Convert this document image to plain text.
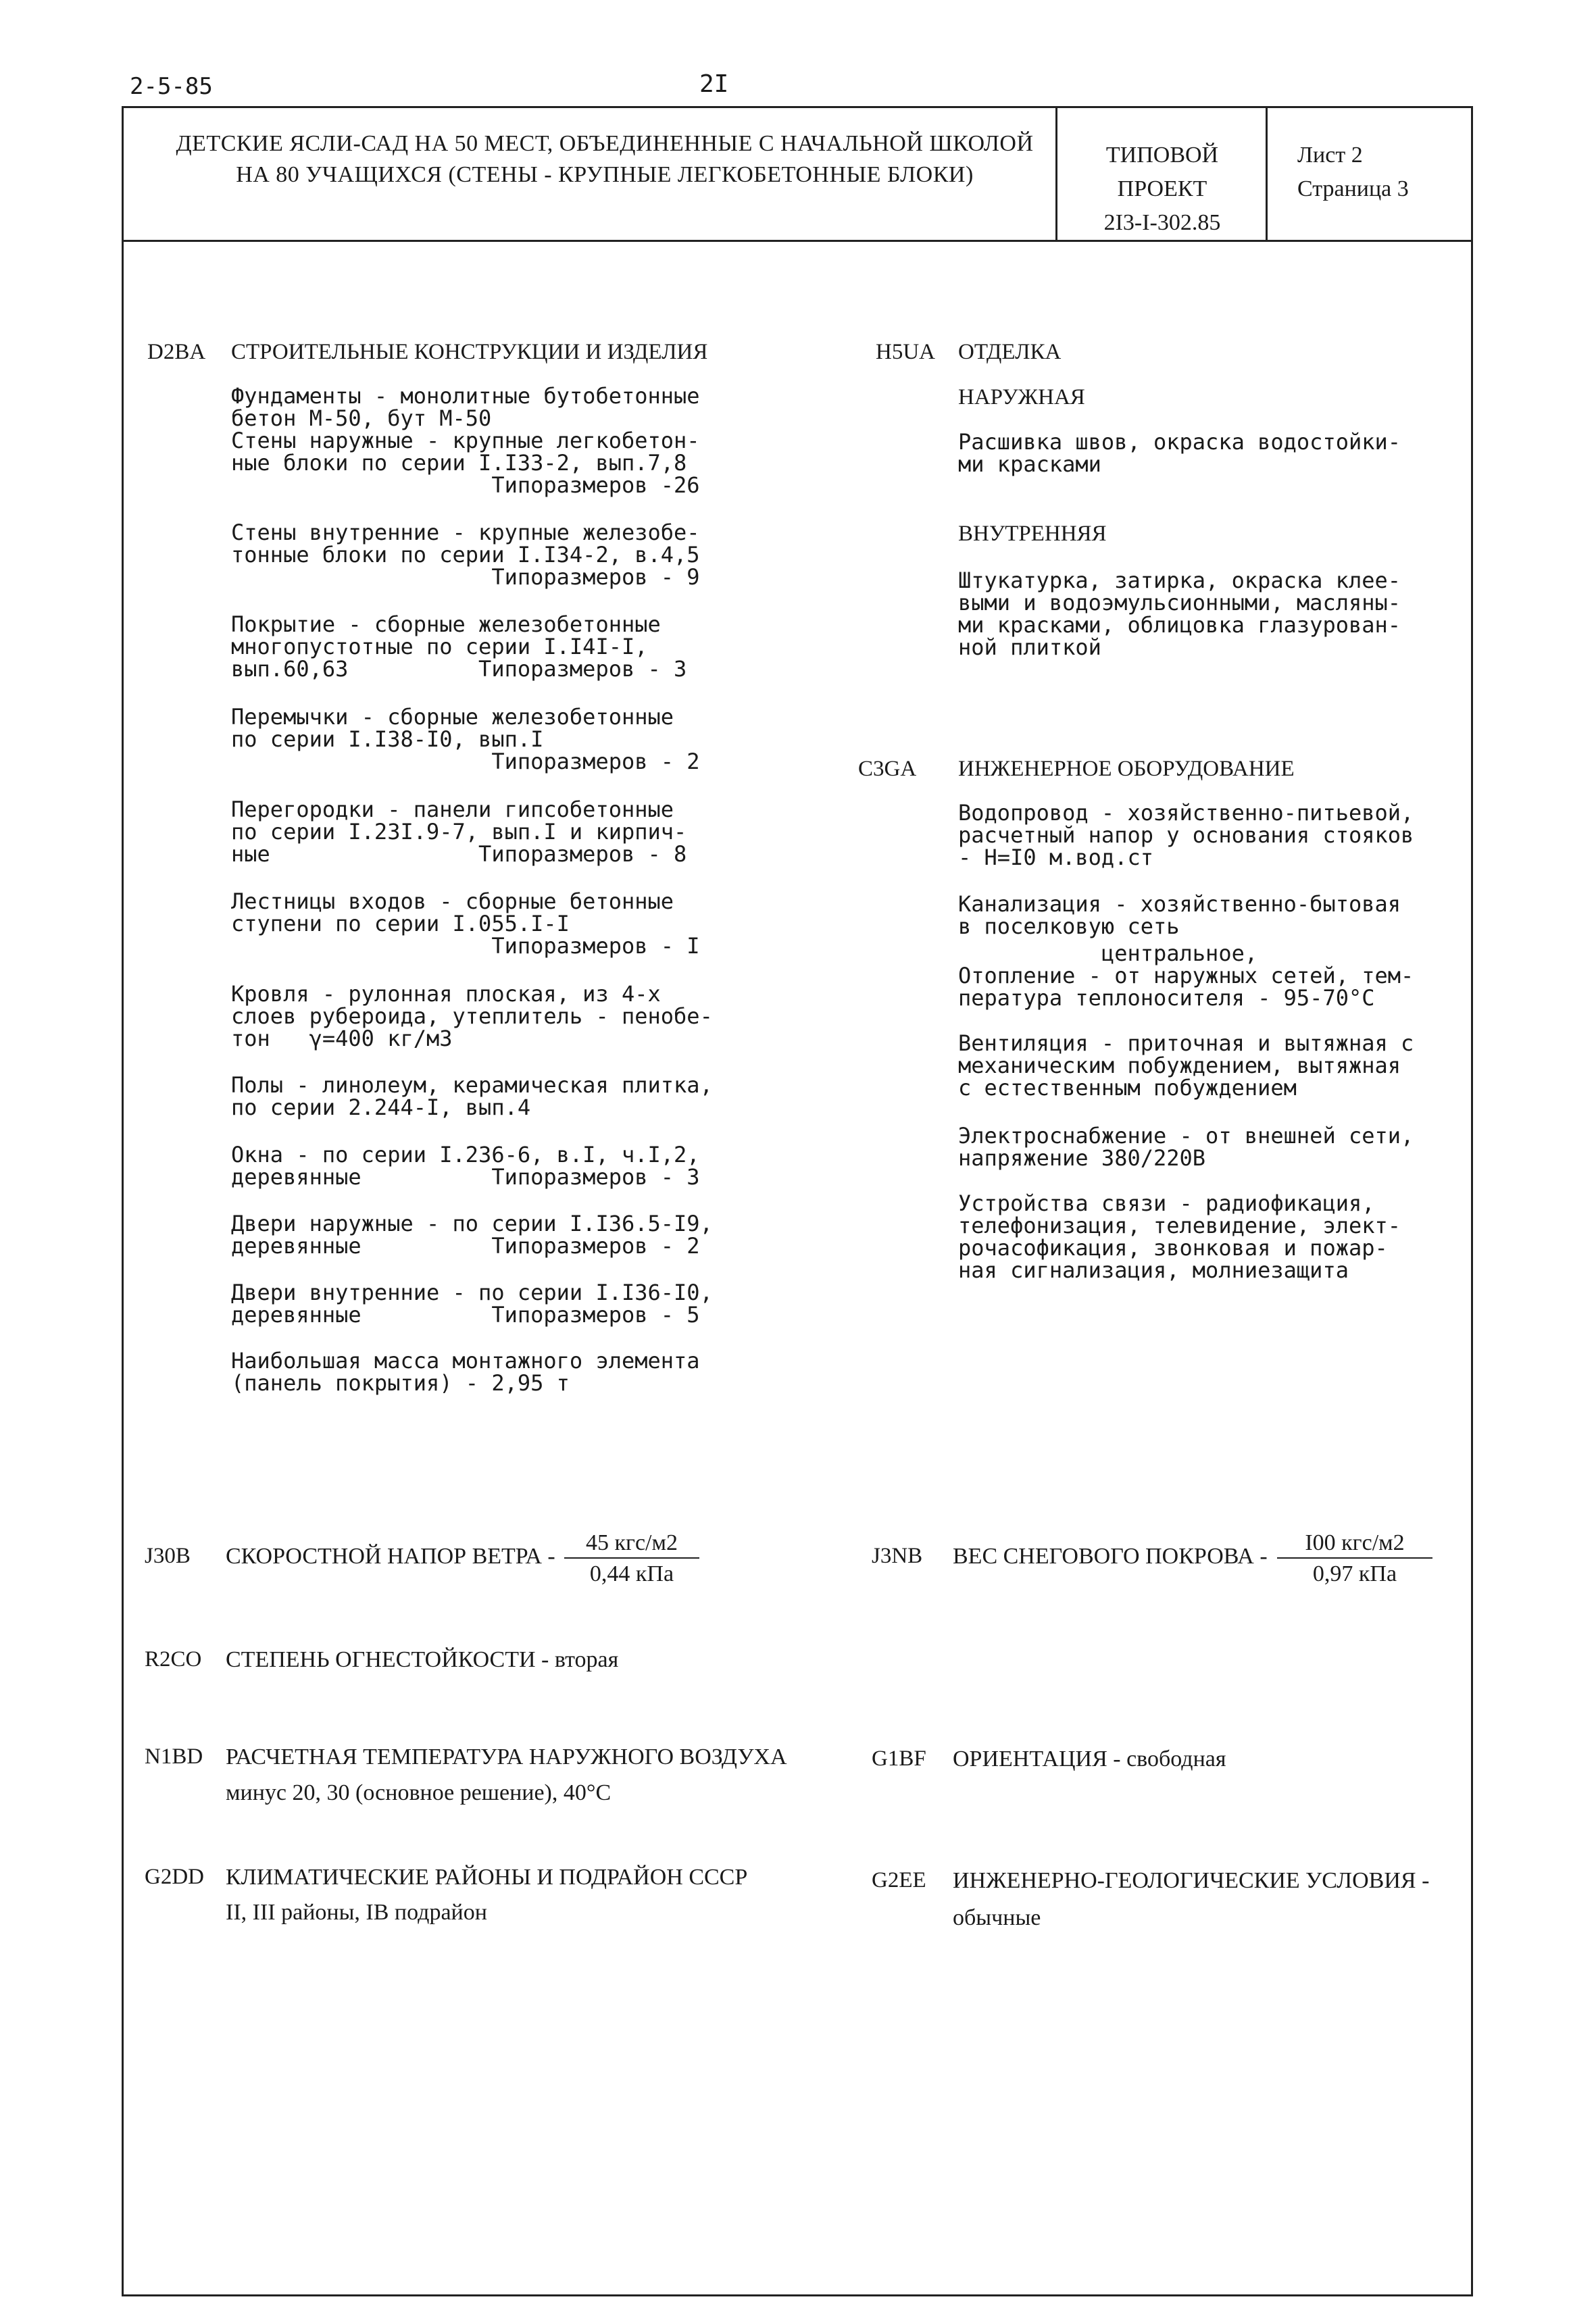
2-5-85	2I
ДЕТСКИЕ ЯСЛИ-САД НА 50 МЕСТ, ОБЪЕДИНЕННЫЕ С НАЧАЛЬНОЙ ШКОЛОЙ НА 80 УЧАЩИХСЯ (СТЕНЫ - КРУПНЫЕ ЛЕГКОБЕТОННЫЕ БЛОКИ)
ТИПОВОЙ ПРОЕКТ
2I3-I-302.85
Лист 2
Страница 3
D2BA СТРОИТЕЛЬНЫЕ КОНСТРУКЦИИ И ИЗДЕЛИЯ
Фундаменты - монолитные бутобетонные
бетон М-50, бут М-50
Стены наружные - крупные легкобетон-
ные блоки по серии I.I33-2, вып.7,8
Типоразмеров -26
Стены внутренние - крупные железобе-
тонные блоки по серии I.I34-2, в.4,5
Типоразмеров - 9
Покрытие - сборные железобетонные
многопустотные по серии I.I4I-I,
вып.60,63          Типоразмеров - 3
Перемычки - сборные железобетонные
по серии I.I38-I0, вып.I
Типоразмеров - 2
Перегородки - панели гипсобетонные
по серии I.23I.9-7, вып.I и кирпич-
ные                Типоразмеров - 8
Лестницы входов - сборные бетонные
ступени по серии I.055.I-I
Типоразмеров - I
Кровля - рулонная плоская, из 4-х
слоев рубероида, утеплитель - пенобе-
тон   γ=400 кг/м3
Полы - линолеум, керамическая плитка,
по серии 2.244-I, вып.4
Окна - по серии I.236-6, в.I, ч.I,2,
деревянные          Типоразмеров - 3
Двери наружные - по серии I.I36.5-I9,
деревянные          Типоразмеров - 2
Двери внутренние - по серии I.I36-I0,
деревянные          Типоразмеров - 5
Наибольшая масса монтажного элемента
(панель покрытия) - 2,95 т
H5UA ОТДЕЛКА
НАРУЖНАЯ
Расшивка швов, окраска водостойки-
ми красками
ВНУТРЕННЯЯ
Штукатурка, затирка, окраска клее-
выми и водоэмульсионными, масляны-
ми красками, облицовка глазурован-
ной плиткой
C3GA ИНЖЕНЕРНОЕ ОБОРУДОВАНИЕ
Водопровод - хозяйственно-питьевой,
расчетный напор у основания стояков
- H=I0 м.вод.ст
Канализация - хозяйственно-бытовая
в поселковую сеть
центральное,
Отопление - от наружных сетей, тем-
пература теплоносителя - 95-70°С
Вентиляция - приточная и вытяжная с
механическим побуждением, вытяжная
с естественным побуждением
Электроснабжение - от внешней сети,
напряжение 380/220В
Устройства связи - радиофикация,
телефонизация, телевидение, элект-
рочасофикация, звонковая и пожар-
ная сигнализация, молниезащита
J30B СКОРОСТНОЙ НАПОР ВЕТРА -
45 кгс/м2
0,44 кПа
J3NB ВЕС СНЕГОВОГО ПОКРОВА -
I00 кгс/м2
0,97 кПа
R2CO СТЕПЕНЬ ОГНЕСТОЙКОСТИ - вторая
N1BD РАСЧЕТНАЯ ТЕМПЕРАТУРА НАРУЖНОГО ВОЗДУХА
минус 20, 30 (основное решение), 40°С
G1BF ОРИЕНТАЦИЯ - свободная
G2DD КЛИМАТИЧЕСКИЕ РАЙОНЫ И ПОДРАЙОН СССР
II, III районы, IВ подрайон
G2EE ИНЖЕНЕРНО-ГЕОЛОГИЧЕСКИЕ УСЛОВИЯ -
обычные
